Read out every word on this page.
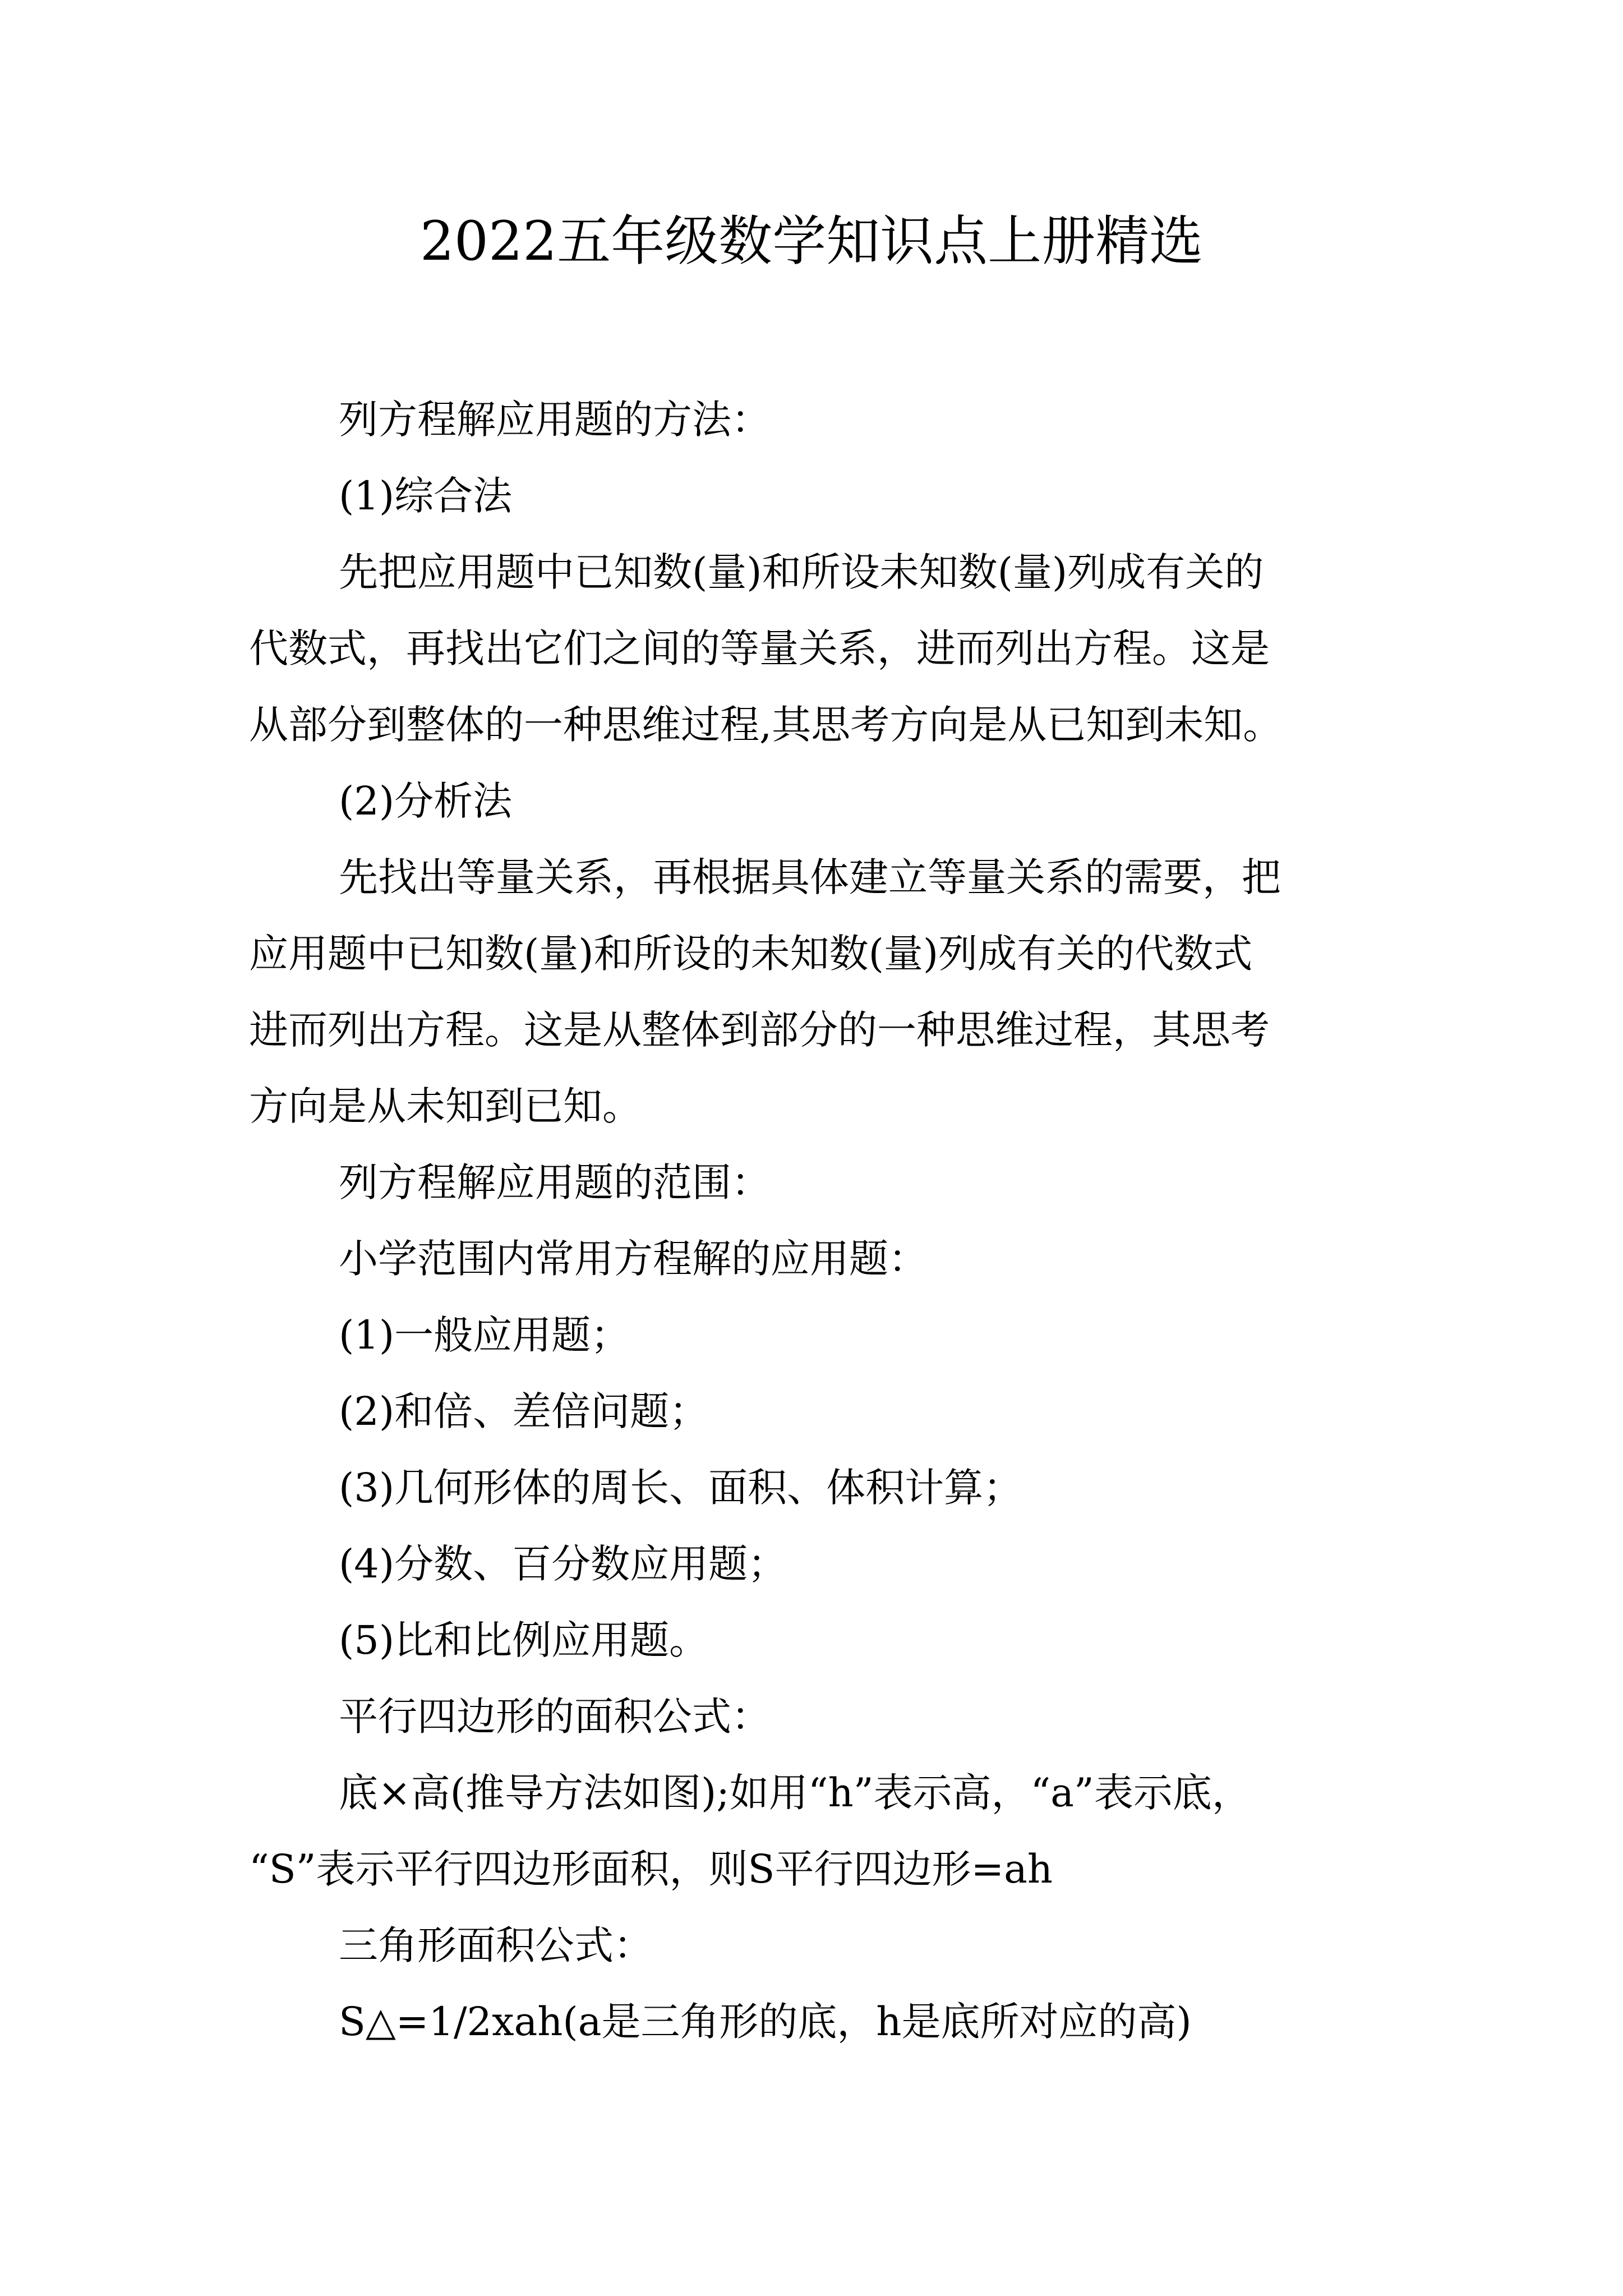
2022五年级数学知识点上册精选
列方程解应用题的方法：
(1)综合法
先把应用题中已知数(量)和所设未知数(量)列成有关的
代数式，再找出它们之间的等量关系，进而列出方程。这是
从部分到整体的一种思维过程,其思考方向是从已知到未知。
(2)分析法
先找出等量关系，再根据具体建立等量关系的需要，把
应用题中已知数(量)和所设的未知数(量)列成有关的代数式
进而列出方程。这是从整体到部分的一种思维过程，其思考
方向是从未知到已知。
列方程解应用题的范围：
小学范围内常用方程解的应用题：
(1)一般应用题；
(2)和倍、差倍问题；
(3)几何形体的周长、面积、体积计算；
(4)分数、百分数应用题；
(5)比和比例应用题。
平行四边形的面积公式：
底×高(推导方法如图);如用“h”表示高，“a”表示底，
“S”表示平行四边形面积，则S平行四边形=ah
三角形面积公式：
S△=1/2xah(a是三角形的底，h是底所对应的高)
